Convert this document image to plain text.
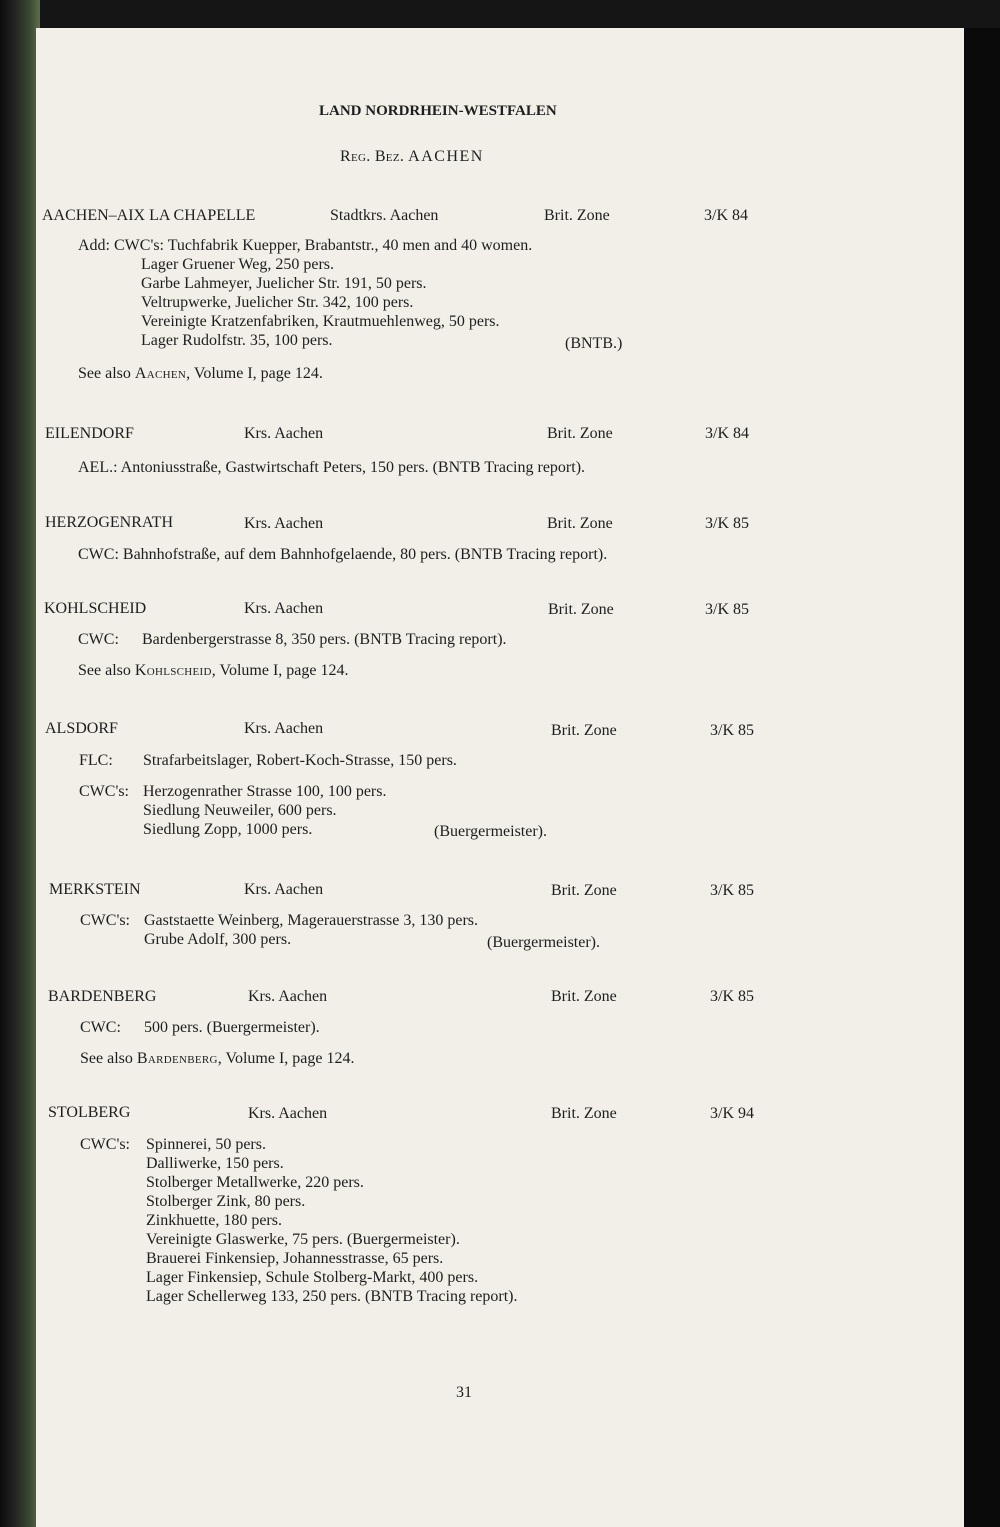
LAND NORDRHEIN-WESTFALEN
Reg. Bez. AACHEN
AACHEN–AIX LA CHAPELLE	Stadtkrs. Aachen	Brit. Zone	3/K 84
Add: CWC's: Tuchfabrik Kuepper, Brabantstr., 40 men and 40 women.
Lager Gruener Weg, 250 pers.
Garbe Lahmeyer, Juelicher Str. 191, 50 pers.
Veltrupwerke, Juelicher Str. 342, 100 pers.
Vereinigte Kratzenfabriken, Krautmuehlenweg, 50 pers.
Lager Rudolfstr. 35, 100 pers.	(BNTB.)
See also Aachen, Volume I, page 124.
EILENDORF	Krs. Aachen	Brit. Zone	3/K 84
AEL.: Antoniusstraße, Gastwirtschaft Peters, 150 pers. (BNTB Tracing report).
HERZOGENRATH	Krs. Aachen	Brit. Zone	3/K 85
CWC: Bahnhofstraße, auf dem Bahnhofgelaende, 80 pers. (BNTB Tracing report).
KOHLSCHEID	Krs. Aachen	Brit. Zone	3/K 85
CWC: Bardenbergerstrasse 8, 350 pers. (BNTB Tracing report).
See also Kohlscheid, Volume I, page 124.
ALSDORF	Krs. Aachen	Brit. Zone	3/K 85
FLC: Strafarbeitslager, Robert-Koch-Strasse, 150 pers.
CWC's: Herzogenrather Strasse 100, 100 pers.
Siedlung Neuweiler, 600 pers.
Siedlung Zopp, 1000 pers.	(Buergermeister).
MERKSTEIN	Krs. Aachen	Brit. Zone	3/K 85
CWC's: Gaststaette Weinberg, Magerauerstrasse 3, 130 pers.
Grube Adolf, 300 pers.	(Buergermeister).
BARDENBERG	Krs. Aachen	Brit. Zone	3/K 85
CWC: 500 pers. (Buergermeister).
See also Bardenberg, Volume I, page 124.
STOLBERG	Krs. Aachen	Brit. Zone	3/K 94
CWC's: Spinnerei, 50 pers.
Dalliwerke, 150 pers.
Stolberger Metallwerke, 220 pers.
Stolberger Zink, 80 pers.
Zinkhuette, 180 pers.
Vereinigte Glaswerke, 75 pers. (Buergermeister).
Brauerei Finkensiep, Johannesstrasse, 65 pers.
Lager Finkensiep, Schule Stolberg-Markt, 400 pers.
Lager Schellerweg 133, 250 pers. (BNTB Tracing report).
31
